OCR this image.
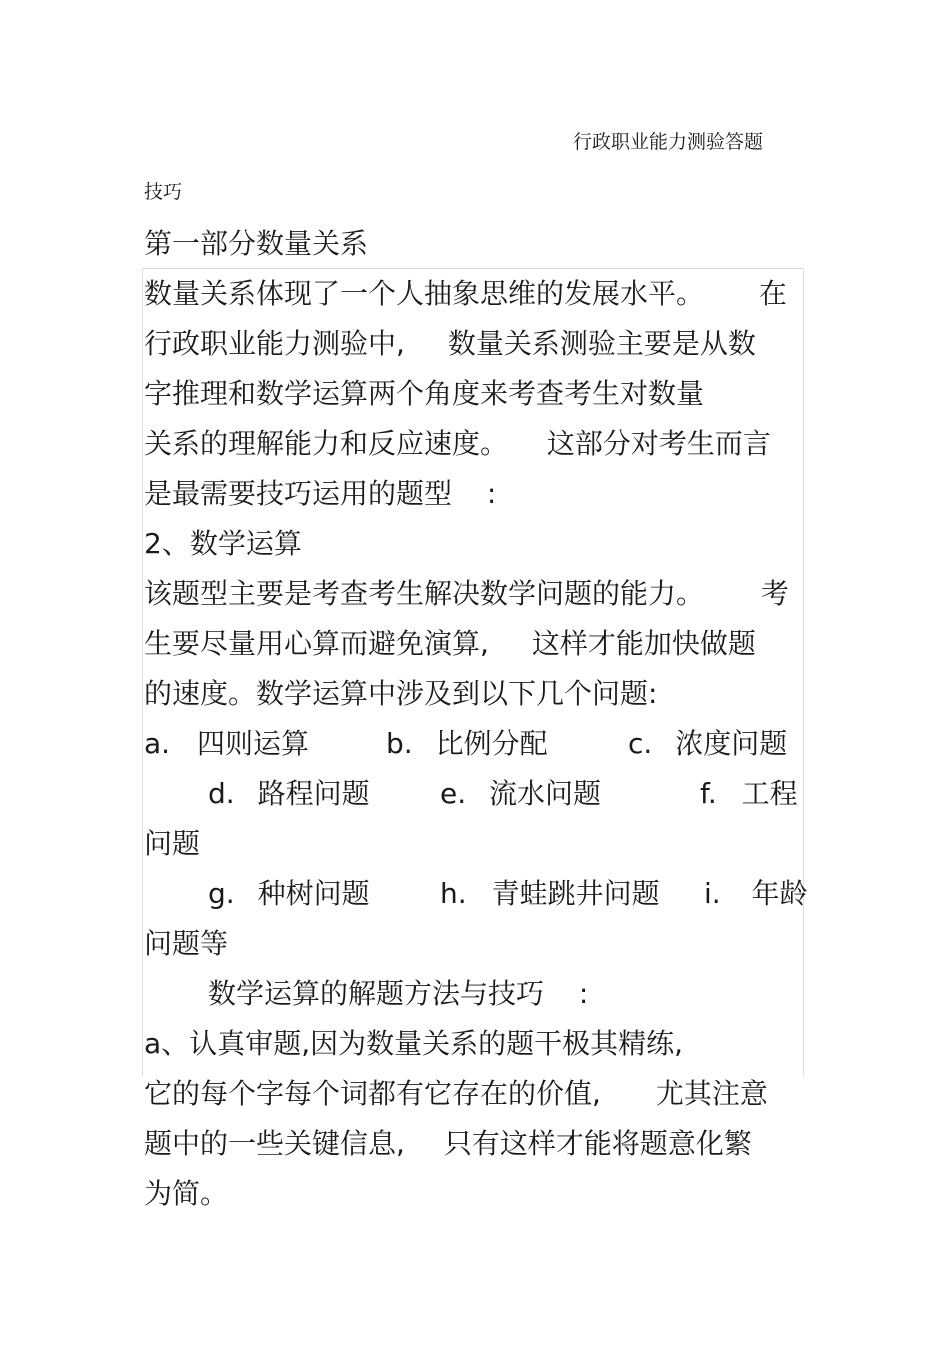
行政职业能力测验答题
技巧
第一部分数量关系
数量关系体现了一个人抽象思维的发展水平。 在
行政职业能力测验中, 数量关系测验主要是从数
字推理和数学运算两个角度来考查考生对数量
关系的理解能力和反应速度。 这部分对考生而言
是最需要技巧运用的题型 :
2、数学运算
该题型主要是考查考生解决数学问题的能力。 考
生要尽量用心算而避免演算, 这样才能加快做题
的速度。数学运算中涉及到以下几个问题:
a. 四则运算	b. 比例分配	c. 浓度问题
d. 路程问题	e. 流水问题	f. 工程
问题
g. 种树问题	h. 青蛙跳井问题 i. 年龄
问题等
数学运算的解题方法与技巧 :
a、认真审题,因为数量关系的题干极其精练,
它的每个字每个词都有它存在的价值, 尤其注意
题中的一些关键信息, 只有这样才能将题意化繁
为简。
